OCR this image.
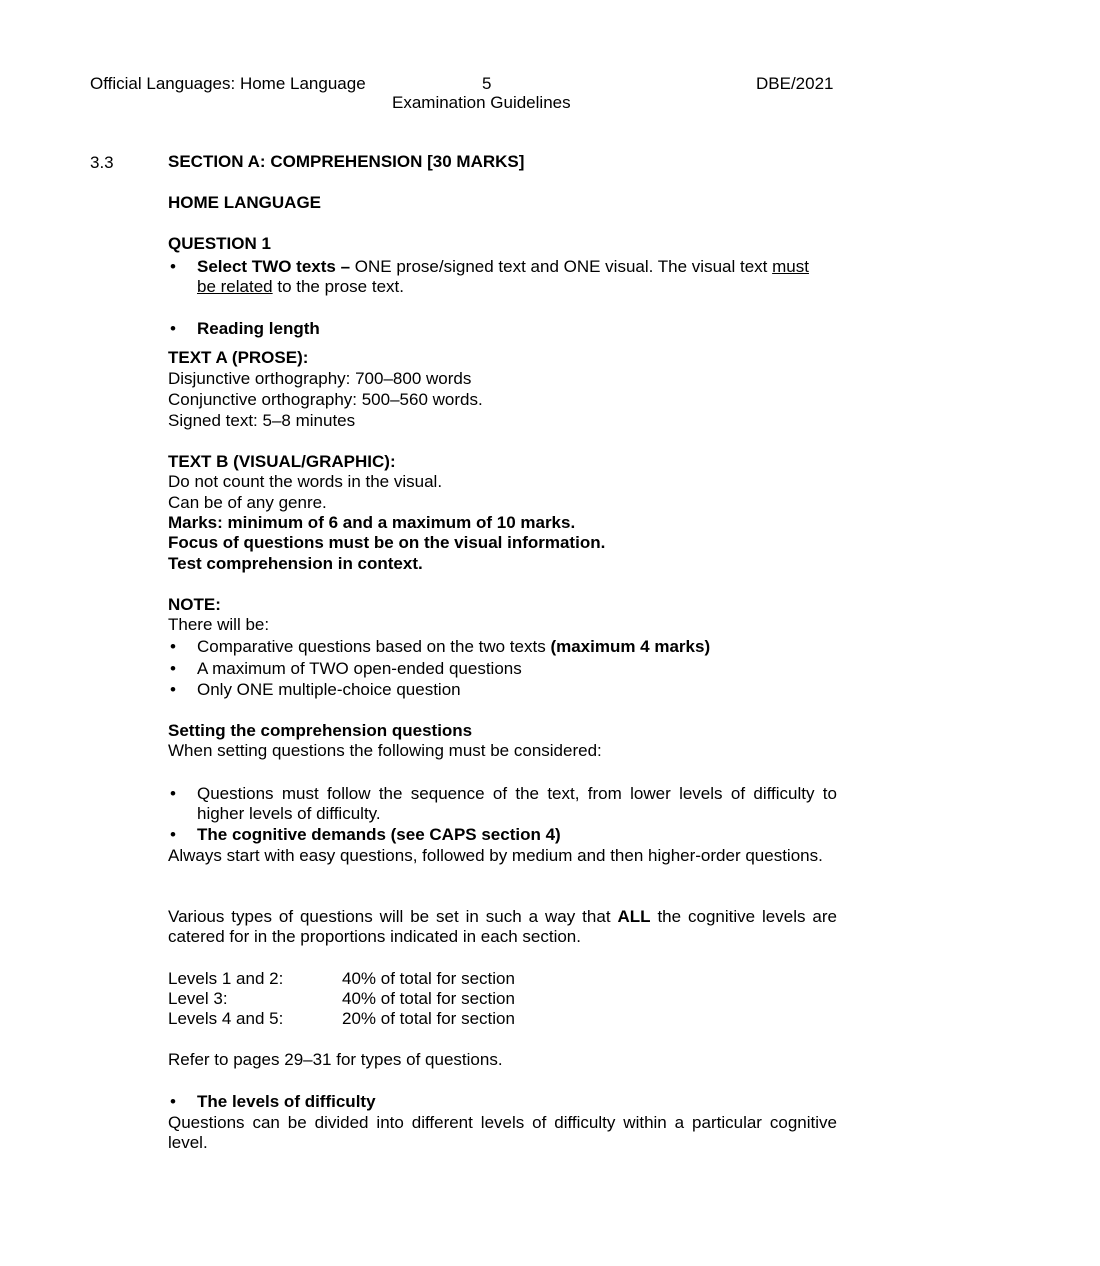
Official Languages: Home Language	5	DBE/2021
Examination Guidelines
3.3	SECTION A: COMPREHENSION [30 MARKS]
HOME LANGUAGE
QUESTION 1
• Select TWO texts – ONE prose/signed text and ONE visual. The visual text must
be related to the prose text.
• Reading length
TEXT A (PROSE):
Disjunctive orthography: 700–800 words
Conjunctive orthography: 500–560 words.
Signed text: 5–8 minutes
TEXT B (VISUAL/GRAPHIC):
Do not count the words in the visual.
Can be of any genre.
Marks: minimum of 6 and a maximum of 10 marks.
Focus of questions must be on the visual information.
Test comprehension in context.
NOTE:
There will be:
• Comparative questions based on the two texts (maximum 4 marks)
• A maximum of TWO open-ended questions
• Only ONE multiple-choice question
Setting the comprehension questions
When setting questions the following must be considered:
• Questions must follow the sequence of the text, from lower levels of difficulty to higher levels of difficulty.
• The cognitive demands (see CAPS section 4)
Always start with easy questions, followed by medium and then higher-order questions.
Various types of questions will be set in such a way that ALL the cognitive levels are catered for in the proportions indicated in each section.
Levels 1 and 2:	40% of total for section
Level 3:	40% of total for section
Levels 4 and 5:	20% of total for section
Refer to pages 29–31 for types of questions.
• The levels of difficulty
Questions can be divided into different levels of difficulty within a particular cognitive level.
